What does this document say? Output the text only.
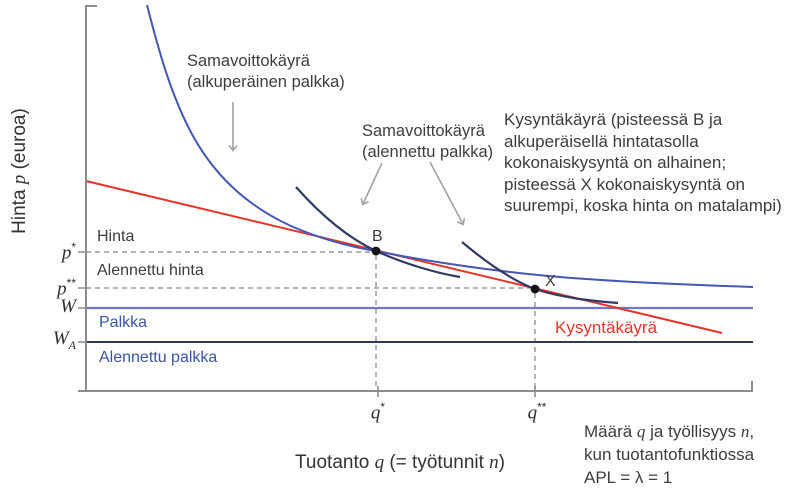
Hinta p (euroa)
Tuotanto q (= työtunnit n)
p*
p**
W
$W_A$
q*	q**
Hinta
Alennettu hinta
Palkka
Alennettu palkka
B
X
Samavoittokäyrä
(alkuperäinen palkka)
Samavoittokäyrä
(alennettu palkka)
Kysyntäkäyrä (pisteessä B ja
alkuperäisellä hintatasolla
kokonaiskysyntä on alhainen;
pisteessä X kokonaiskysyntä on
suurempi, koska hinta on matalampi)
Kysyntäkäyrä
Määrä q ja työllisyys n,
kun tuotantofunktiossa
APL = λ = 1
